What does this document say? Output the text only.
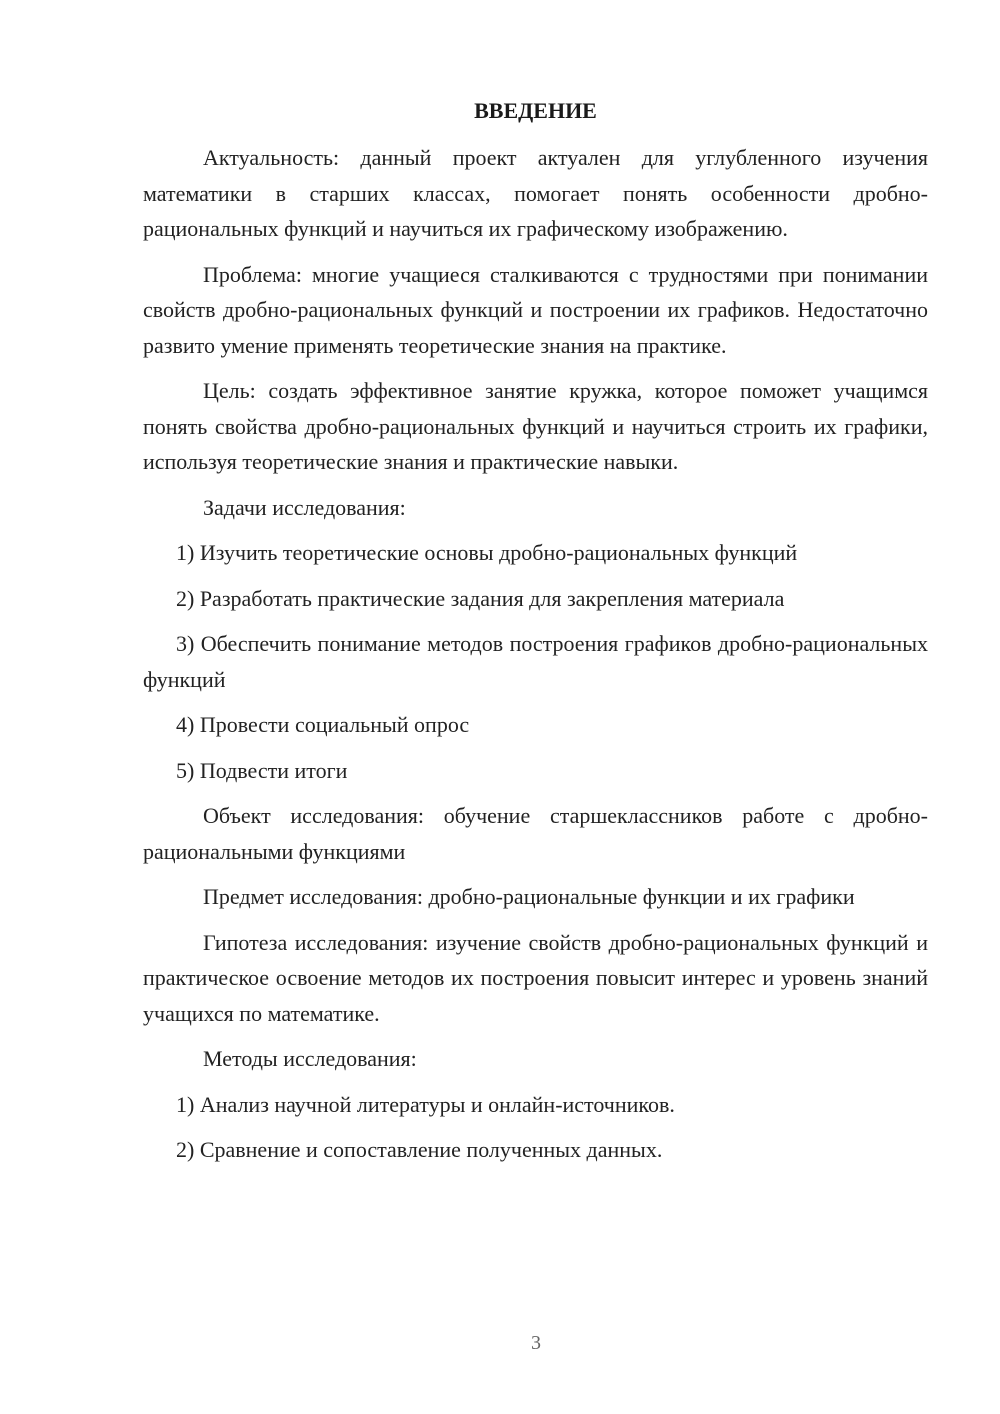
ВВЕДЕНИЕ

Актуальность: данный проект актуален для углубленного изучения математики в старших классах, помогает понять особенности дробно-рациональных функций и научиться их графическому изображению.

Проблема: многие учащиеся сталкиваются с трудностями при понимании свойств дробно-рациональных функций и построении их графиков. Недостаточно развито умение применять теоретические знания на практике.

Цель: создать эффективное занятие кружка, которое поможет учащимся понять свойства дробно-рациональных функций и научиться строить их графики, используя теоретические знания и практические навыки.

Задачи исследования:

1) Изучить теоретические основы дробно-рациональных функций

2) Разработать практические задания для закрепления материала

3) Обеспечить понимание методов построения графиков дробно-рациональных функций

4) Провести социальный опрос

5) Подвести итоги

Объект исследования: обучение старшеклассников работе с дробно-рациональными функциями

Предмет исследования: дробно-рациональные функции и их графики

Гипотеза исследования: изучение свойств дробно-рациональных функций и практическое освоение методов их построения повысит интерес и уровень знаний учащихся по математике.

Методы исследования:

1) Анализ научной литературы и онлайн-источников.

2) Сравнение и сопоставление полученных данных.

3
